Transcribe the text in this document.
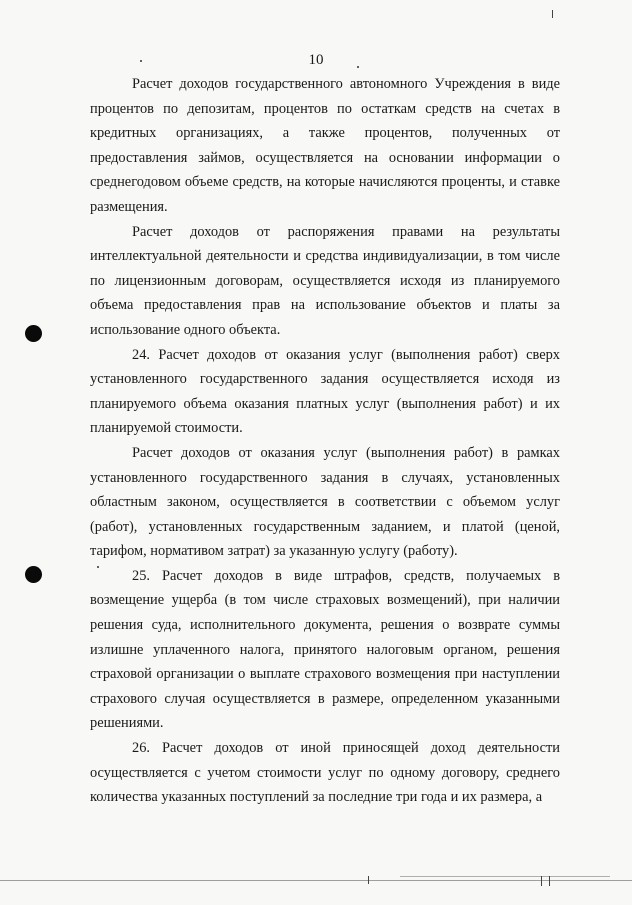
10

Расчет доходов государственного автономного Учреждения в виде процентов по депозитам, процентов по остаткам средств на счетах в кредитных организациях, а также процентов, полученных от предоставления займов, осуществляется на основании информации о среднегодовом объеме средств, на которые начисляются проценты, и ставке размещения.

Расчет доходов от распоряжения правами на результаты интеллектуальной деятельности и средства индивидуализации, в том числе по лицензионным договорам, осуществляется исходя из планируемого объема предоставления прав на использование объектов и платы за использование одного объекта.

24. Расчет доходов от оказания услуг (выполнения работ) сверх установленного государственного задания осуществляется исходя из планируемого объема оказания платных услуг (выполнения работ) и их планируемой стоимости.

Расчет доходов от оказания услуг (выполнения работ) в рамках установленного государственного задания в случаях, установленных областным законом, осуществляется в соответствии с объемом услуг (работ), установленных государственным заданием, и платой (ценой, тарифом, нормативом затрат) за указанную услугу (работу).

25. Расчет доходов в виде штрафов, средств, получаемых в возмещение ущерба (в том числе страховых возмещений), при наличии решения суда, исполнительного документа, решения о возврате суммы излишне уплаченного налога, принятого налоговым органом, решения страховой организации о выплате страхового возмещения при наступлении страхового случая осуществляется в размере, определенном указанными решениями.

26. Расчет доходов от иной приносящей доход деятельности осуществляется с учетом стоимости услуг по одному договору, среднего количества указанных поступлений за последние три года и их размера, а
